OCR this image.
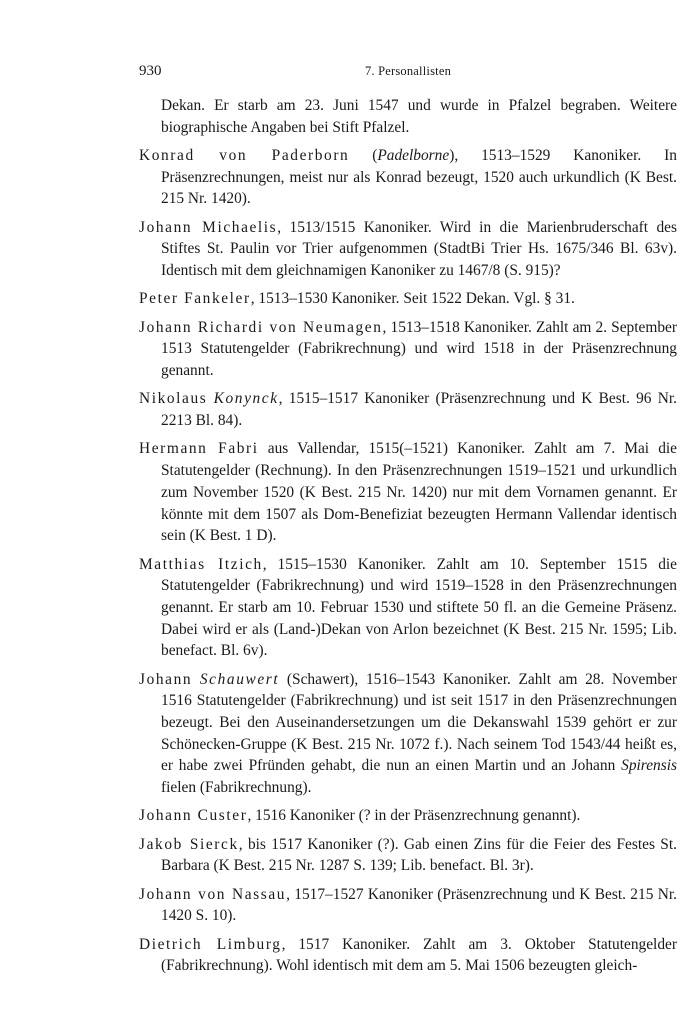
930	7. Personallisten

Dekan. Er starb am 23. Juni 1547 und wurde in Pfalzel begraben. Weitere biographische Angaben bei Stift Pfalzel.

Konrad von Paderborn (Padelborne), 1513–1529 Kanoniker. In Präsenzrechnungen, meist nur als Konrad bezeugt, 1520 auch urkundlich (K Best. 215 Nr. 1420).

Johann Michaelis, 1513/1515 Kanoniker. Wird in die Marienbruderschaft des Stiftes St. Paulin vor Trier aufgenommen (StadtBi Trier Hs. 1675/346 Bl. 63v). Identisch mit dem gleichnamigen Kanoniker zu 1467/8 (S. 915)?

Peter Fankeler, 1513–1530 Kanoniker. Seit 1522 Dekan. Vgl. § 31.

Johann Richardi von Neumagen, 1513–1518 Kanoniker. Zahlt am 2. September 1513 Statutengelder (Fabrikrechnung) und wird 1518 in der Präsenzrechnung genannt.

Nikolaus Konynck, 1515–1517 Kanoniker (Präsenzrechnung und K Best. 96 Nr. 2213 Bl. 84).

Hermann Fabri aus Vallendar, 1515(–1521) Kanoniker. Zahlt am 7. Mai die Statutengelder (Rechnung). In den Präsenzrechnungen 1519–1521 und urkundlich zum November 1520 (K Best. 215 Nr. 1420) nur mit dem Vornamen genannt. Er könnte mit dem 1507 als Dom-Benefiziat bezeugten Hermann Vallendar identisch sein (K Best. 1 D).

Matthias Itzich, 1515–1530 Kanoniker. Zahlt am 10. September 1515 die Statutengelder (Fabrikrechnung) und wird 1519–1528 in den Präsenzrechnungen genannt. Er starb am 10. Februar 1530 und stiftete 50 fl. an die Gemeine Präsenz. Dabei wird er als (Land-)Dekan von Arlon bezeichnet (K Best. 215 Nr. 1595; Lib. benefact. Bl. 6v).

Johann Schauwert (Schawert), 1516–1543 Kanoniker. Zahlt am 28. November 1516 Statutengelder (Fabrikrechnung) und ist seit 1517 in den Präsenzrechnungen bezeugt. Bei den Auseinandersetzungen um die Dekanswahl 1539 gehört er zur Schönecken-Gruppe (K Best. 215 Nr. 1072 f.). Nach seinem Tod 1543/44 heißt es, er habe zwei Pfründen gehabt, die nun an einen Martin und an Johann Spirensis fielen (Fabrikrechnung).

Johann Custer, 1516 Kanoniker (? in der Präsenzrechnung genannt).

Jakob Sierck, bis 1517 Kanoniker (?). Gab einen Zins für die Feier des Festes St. Barbara (K Best. 215 Nr. 1287 S. 139; Lib. benefact. Bl. 3r).

Johann von Nassau, 1517–1527 Kanoniker (Präsenzrechnung und K Best. 215 Nr. 1420 S. 10).

Dietrich Limburg, 1517 Kanoniker. Zahlt am 3. Oktober Statutengelder (Fabrikrechnung). Wohl identisch mit dem am 5. Mai 1506 bezeugten gleich-
